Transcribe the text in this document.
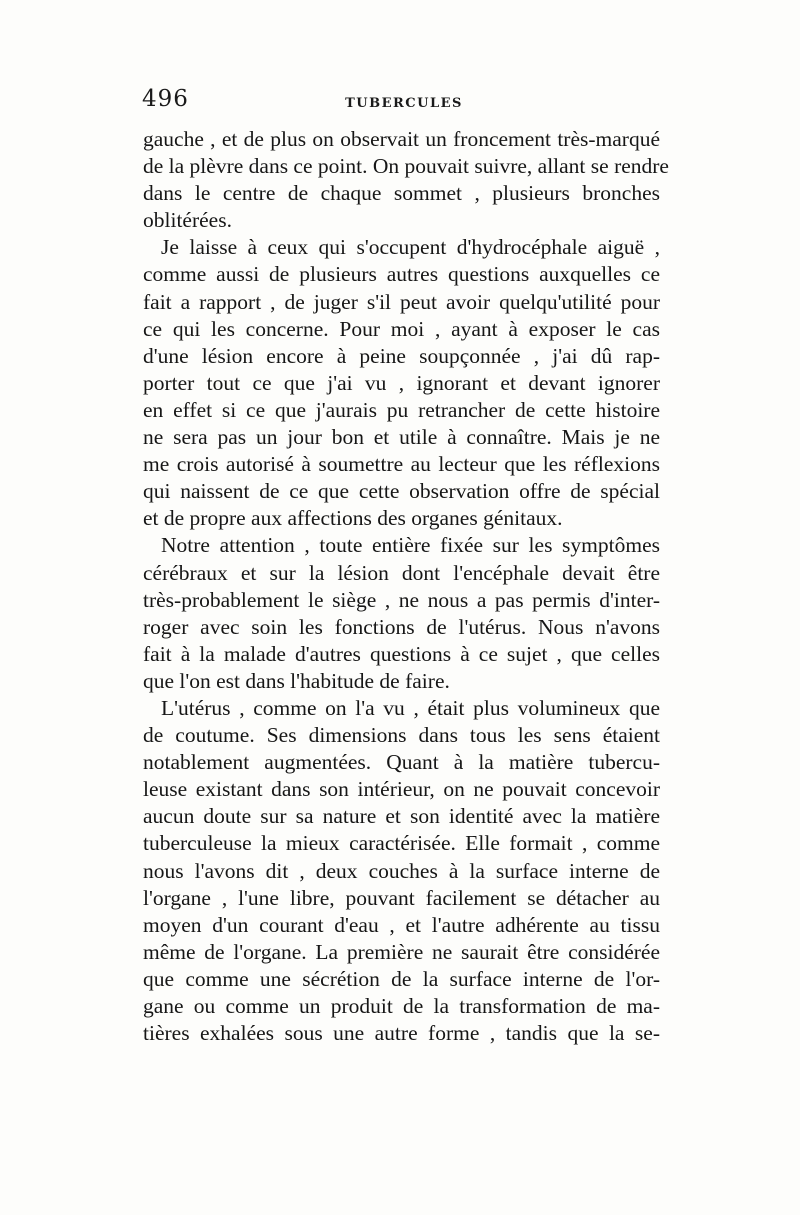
496	TUBERCULES
gauche , et de plus on observait un froncement très-marqué
de la plèvre dans ce point. On pouvait suivre, allant se rendre
dans le centre de chaque sommet , plusieurs bronches
oblitérées.
Je laisse à ceux qui s'occupent d'hydrocéphale aiguë ,
comme aussi de plusieurs autres questions auxquelles ce
fait a rapport , de juger s'il peut avoir quelqu'utilité pour
ce qui les concerne. Pour moi , ayant à exposer le cas
d'une lésion encore à peine soupçonnée , j'ai dû rap-
porter tout ce que j'ai vu , ignorant et devant ignorer
en effet si ce que j'aurais pu retrancher de cette histoire
ne sera pas un jour bon et utile à connaître. Mais je ne
me crois autorisé à soumettre au lecteur que les réflexions
qui naissent de ce que cette observation offre de spécial
et de propre aux affections des organes génitaux.
Notre attention , toute entière fixée sur les symptômes
cérébraux et sur la lésion dont l'encéphale devait être
très-probablement le siège , ne nous a pas permis d'inter-
roger avec soin les fonctions de l'utérus. Nous n'avons
fait à la malade d'autres questions à ce sujet , que celles
que l'on est dans l'habitude de faire.
L'utérus , comme on l'a vu , était plus volumineux que
de coutume. Ses dimensions dans tous les sens étaient
notablement augmentées. Quant à la matière tubercu-
leuse existant dans son intérieur, on ne pouvait concevoir
aucun doute sur sa nature et son identité avec la matière
tuberculeuse la mieux caractérisée. Elle formait , comme
nous l'avons dit , deux couches à la surface interne de
l'organe , l'une libre, pouvant facilement se détacher au
moyen d'un courant d'eau , et l'autre adhérente au tissu
même de l'organe. La première ne saurait être considérée
que comme une sécrétion de la surface interne de l'or-
gane ou comme un produit de la transformation de ma-
tières exhalées sous une autre forme , tandis que la se-
